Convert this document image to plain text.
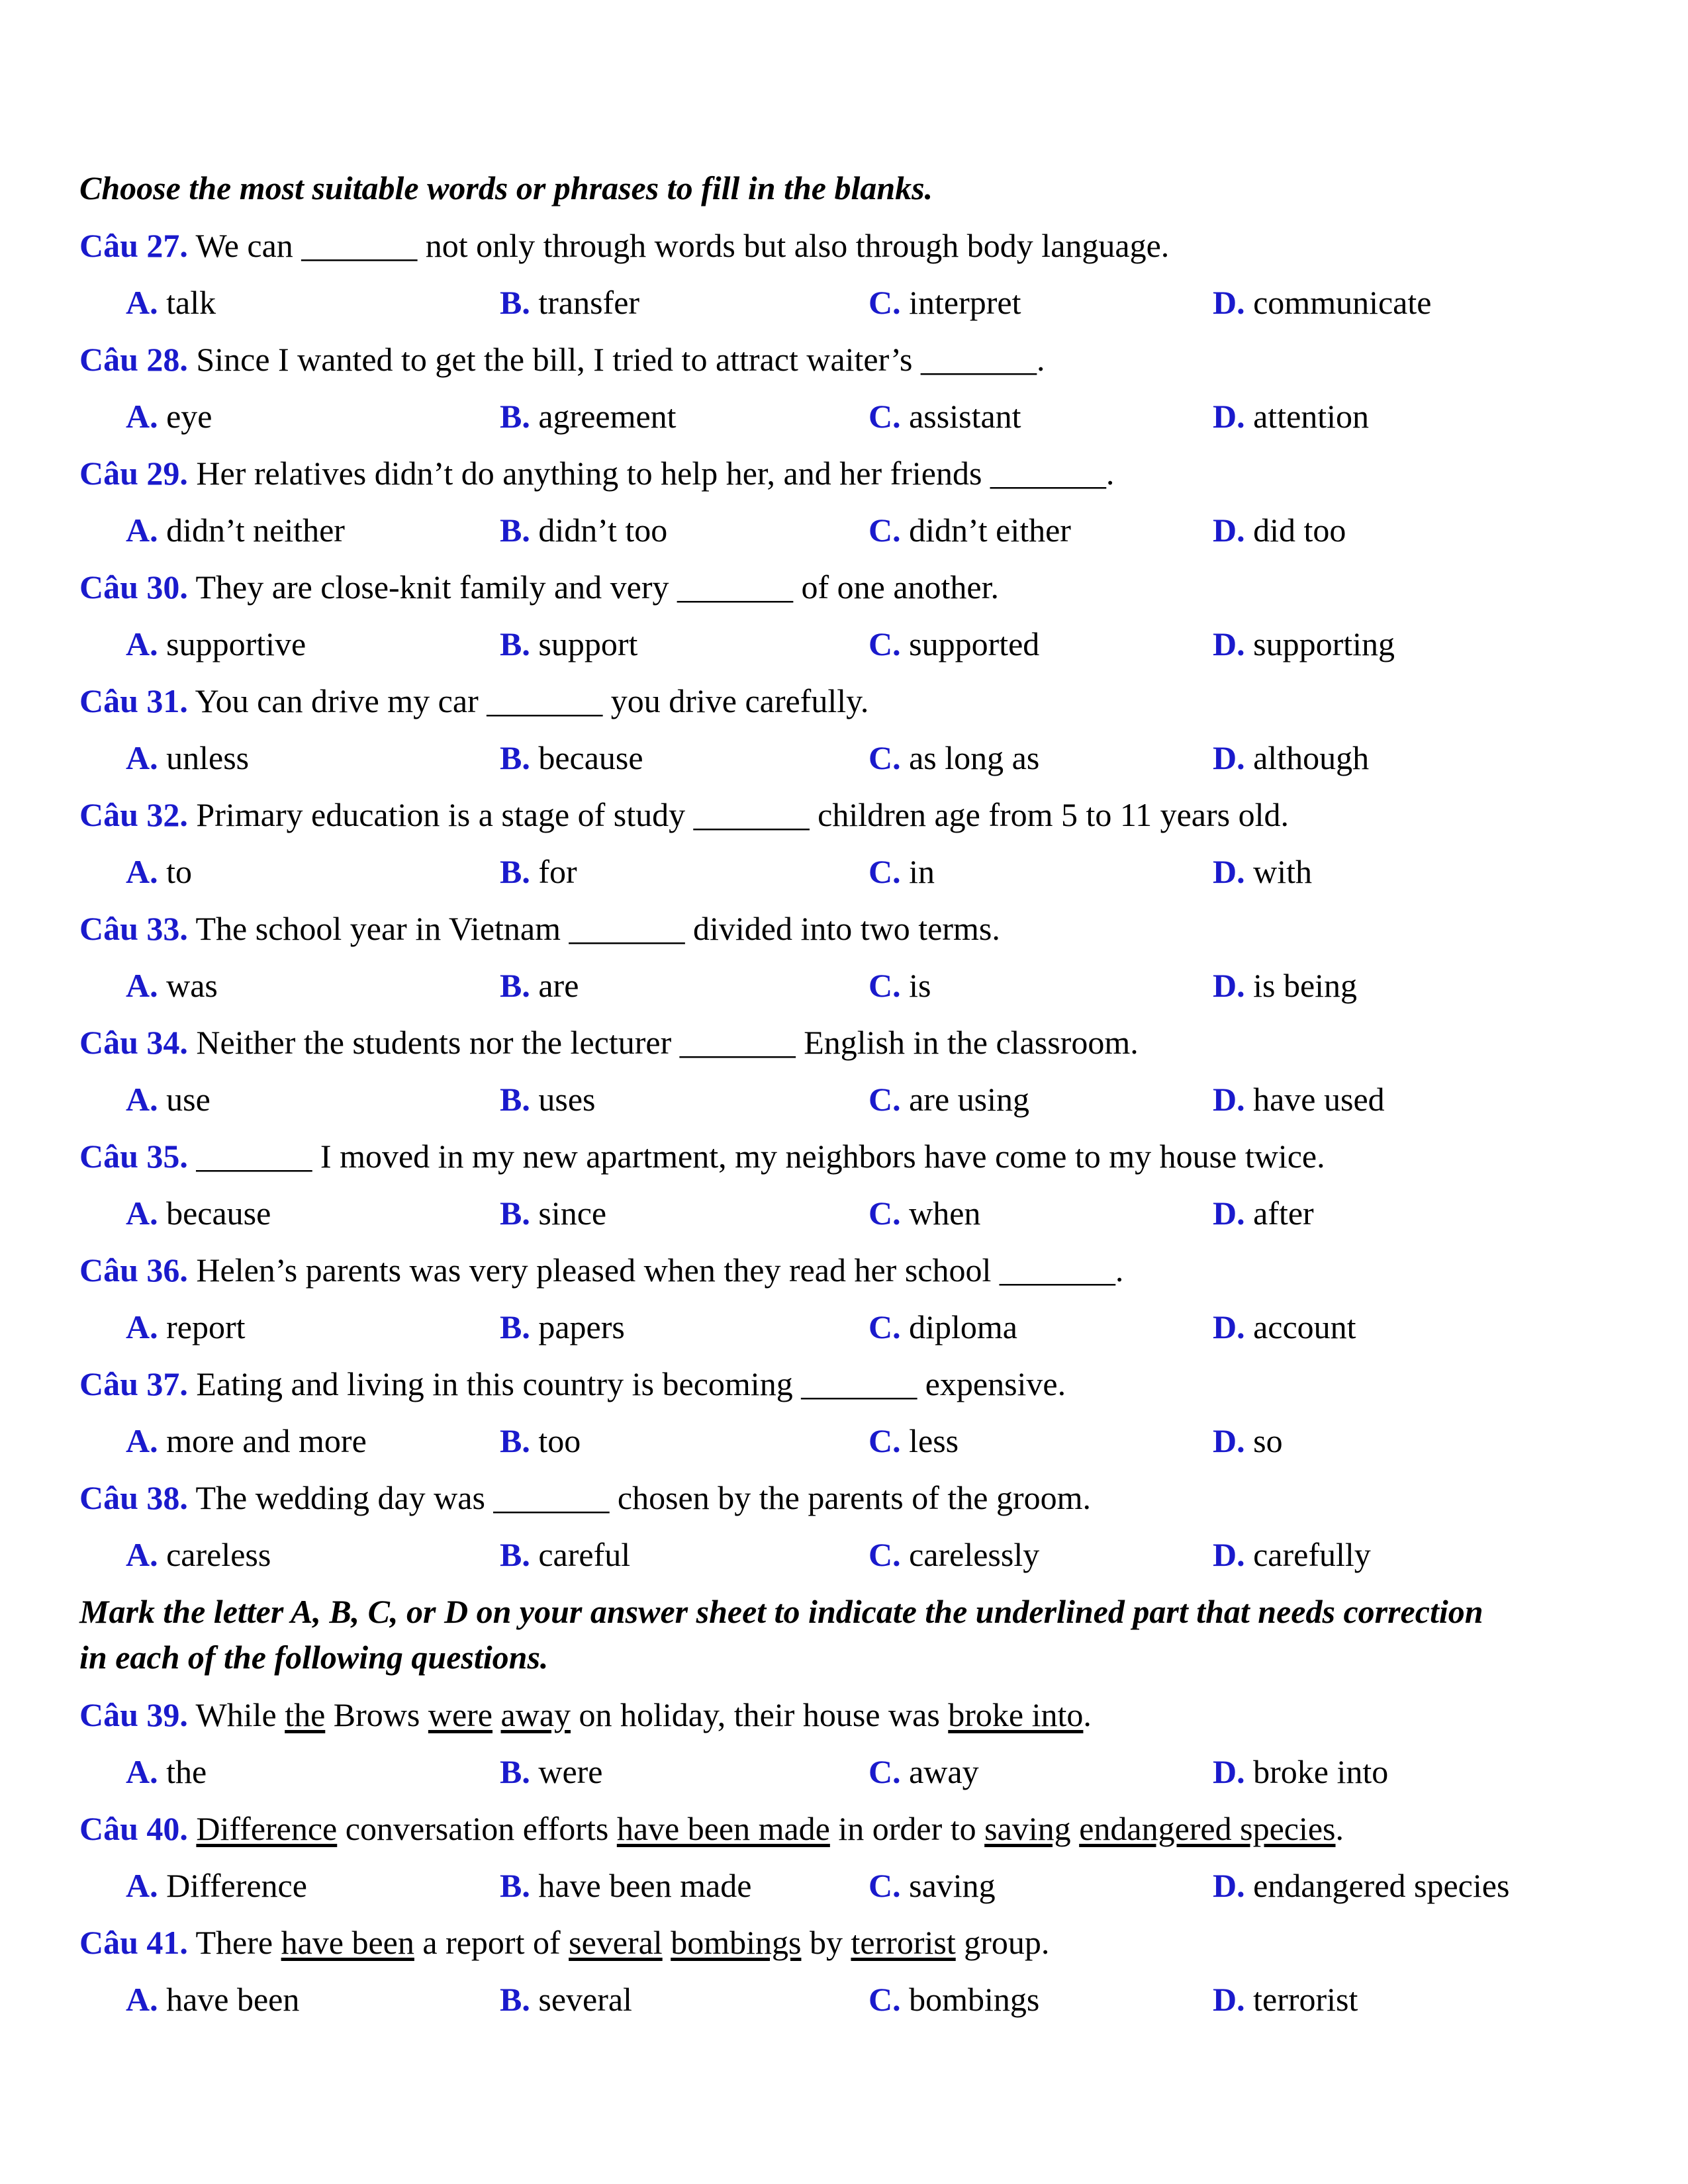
Choose the most suitable words or phrases to fill in the blanks.

Câu 27. We can _______ not only through words but also through body language.

A. talk	B. transfer	C. interpret	D. communicate

Câu 28. Since I wanted to get the bill, I tried to attract waiter’s _______.

A. eye	B. agreement	C. assistant	D. attention

Câu 29. Her relatives didn’t do anything to help her, and her friends _______.

A. didn’t neither	B. didn’t too	C. didn’t either	D. did too

Câu 30. They are close-knit family and very _______ of one another.

A. supportive	B. support	C. supported	D. supporting

Câu 31. You can drive my car _______ you drive carefully.

A. unless	B. because	C. as long as	D. although

Câu 32. Primary education is a stage of study _______ children age from 5 to 11 years old.

A. to	B. for	C. in	D. with

Câu 33. The school year in Vietnam _______ divided into two terms.

A. was	B. are	C. is	D. is being

Câu 34. Neither the students nor the lecturer _______ English in the classroom.

A. use	B. uses	C. are using	D. have used

Câu 35. _______ I moved in my new apartment, my neighbors have come to my house twice.

A. because	B. since	C. when	D. after

Câu 36. Helen’s parents was very pleased when they read her school _______.

A. report	B. papers	C. diploma	D. account

Câu 37. Eating and living in this country is becoming _______ expensive.

A. more and more	B. too	C. less	D. so

Câu 38. The wedding day was _______ chosen by the parents of the groom.

A. careless	B. careful	C. carelessly	D. carefully

Mark the letter A, B, C, or D on your answer sheet to indicate the underlined part that needs correction

in each of the following questions.

Câu 39. While the Brows were away on holiday, their house was broke into.

A. the	B. were	C. away	D. broke into

Câu 40. Difference conversation efforts have been made in order to saving endangered species.

A. Difference	B. have been made	C. saving	D. endangered species

Câu 41. There have been a report of several bombings by terrorist group.

A. have been	B. several	C. bombings	D. terrorist
